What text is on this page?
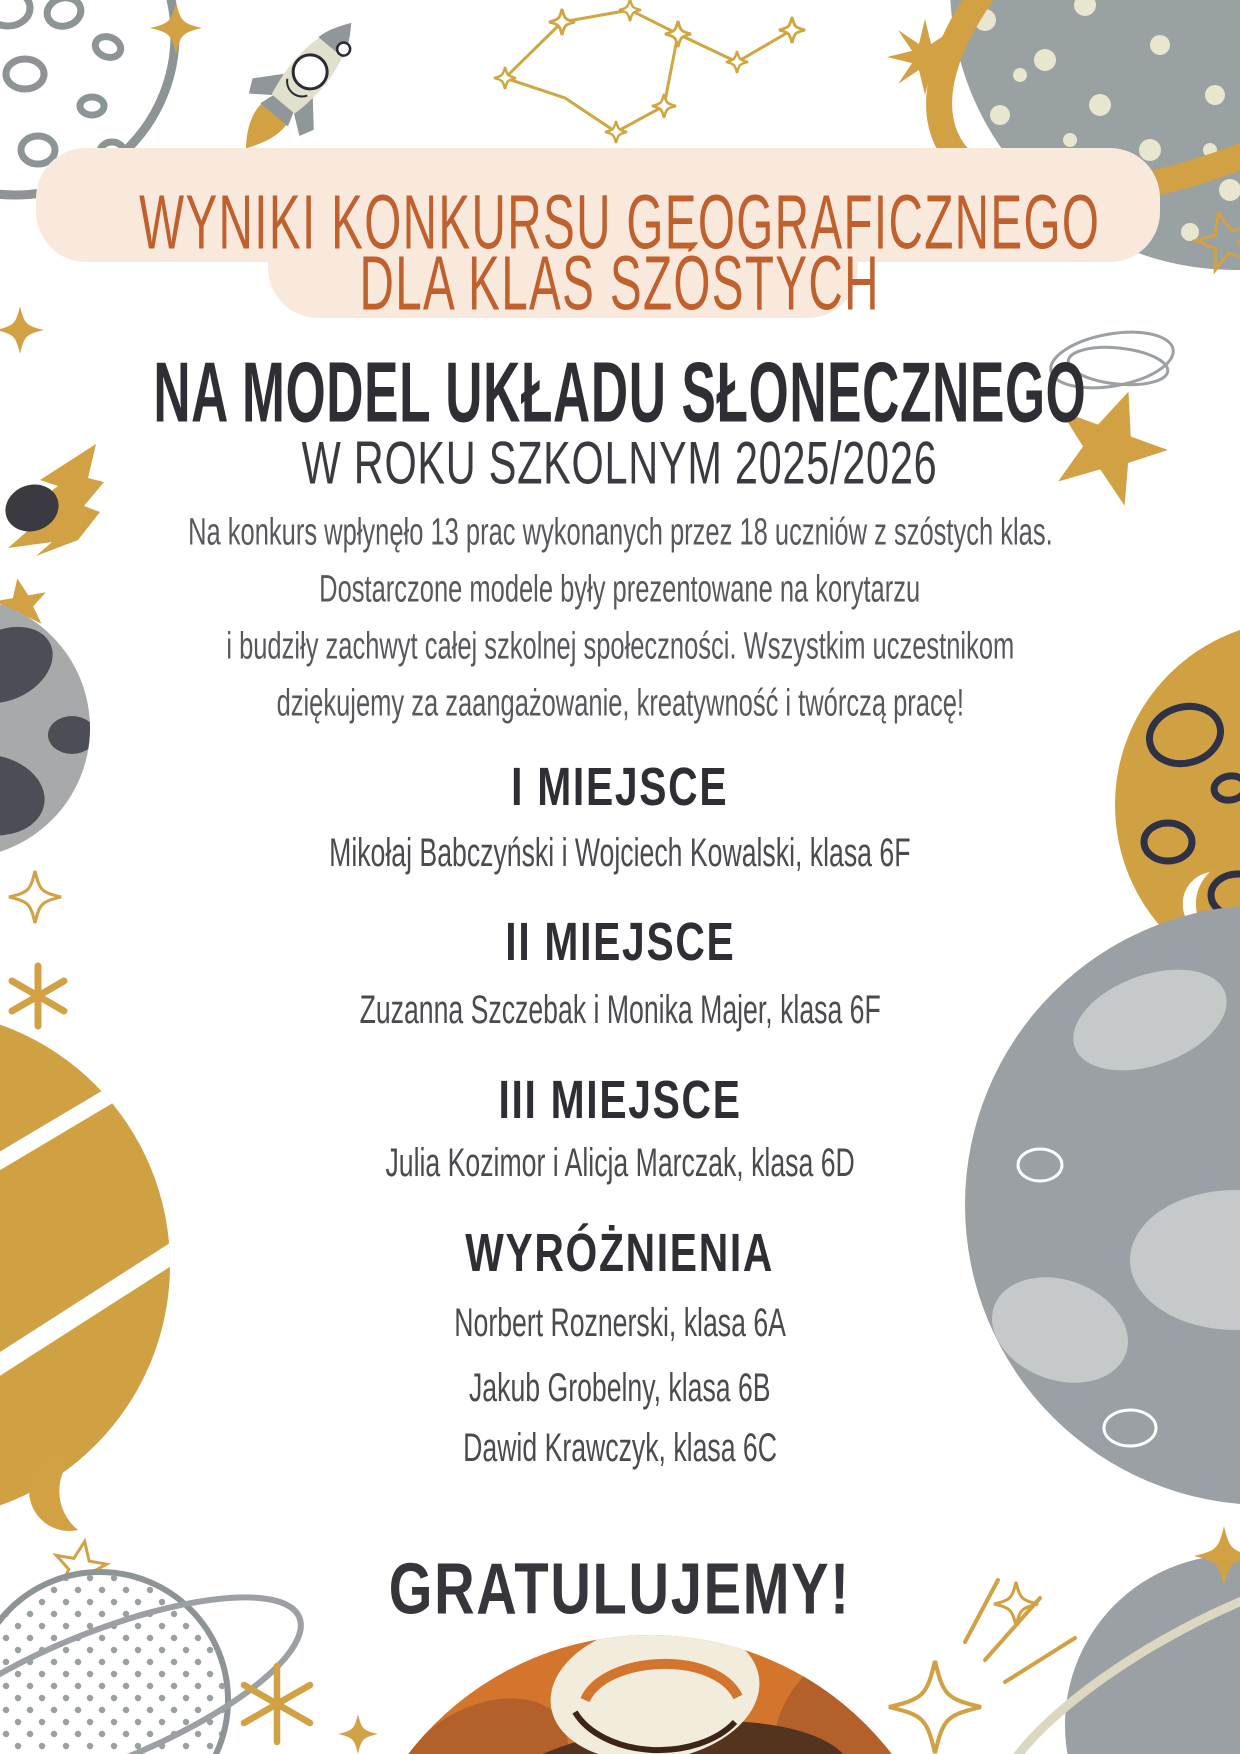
WYNIKI KONKURSU GEOGRAFICZNEGO
DLA KLAS SZÓSTYCH
NA MODEL UKŁADU SŁONECZNEGO
W ROKU SZKOLNYM 2025/2026
Na konkurs wpłynęło 13 prac wykonanych przez 18 uczniów z szóstych klas.
Dostarczone modele były prezentowane na korytarzu
i budziły zachwyt całej szkolnej społeczności. Wszystkim uczestnikom
dziękujemy za zaangażowanie, kreatywność i twórczą pracę!
I MIEJSCE
Mikołaj Babczyński i Wojciech Kowalski, klasa 6F
II MIEJSCE
Zuzanna Szczebak i Monika Majer, klasa 6F
III MIEJSCE
Julia Kozimor i Alicja Marczak, klasa 6D
WYRÓŻNIENIA
Norbert Roznerski, klasa 6A
Jakub Grobelny, klasa 6B
Dawid Krawczyk, klasa 6C
GRATULUJEMY!
